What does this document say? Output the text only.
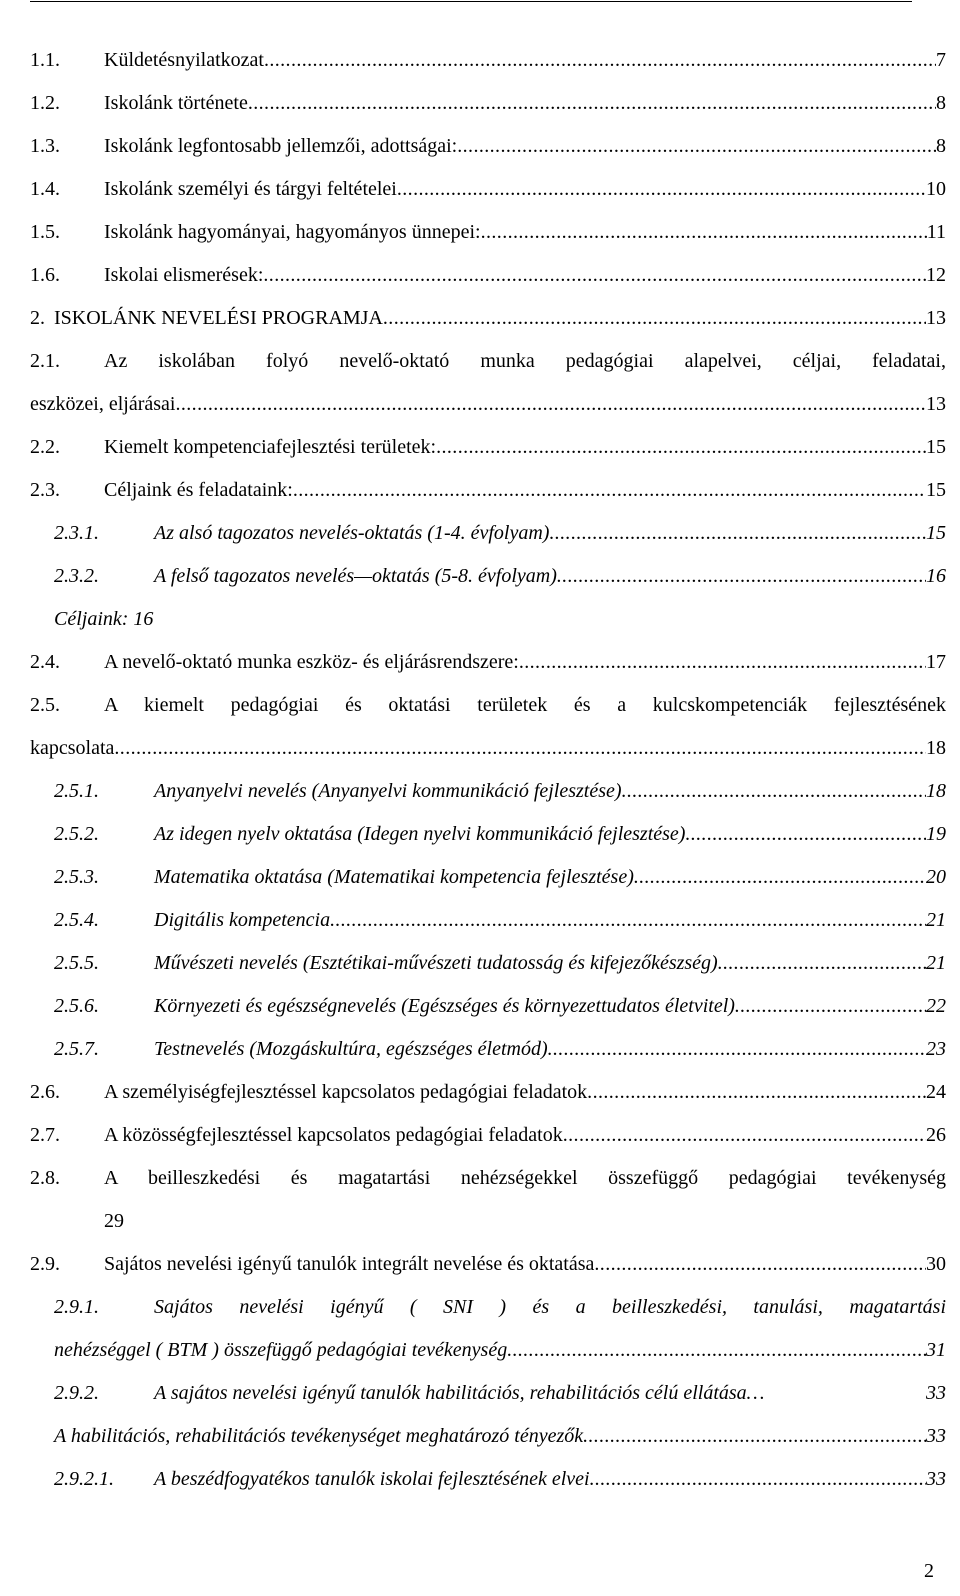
1.1. Küldetésnyilatkozat .....	7
1.2. Iskolánk története .....	8
1.3. Iskolánk legfontosabb jellemzői, adottságai: .....	8
1.4. Iskolánk személyi és tárgyi feltételei .....	10
1.5. Iskolánk hagyományai, hagyományos ünnepei: .....	11
1.6. Iskolai elismerések: .....	12
2. ISKOLÁNK NEVELÉSI PROGRAMJA .....	13
2.1. Az iskolában folyó nevelő-oktató munka pedagógiai alapelvei, céljai, feladatai,
eszközei, eljárásai .....	13
2.2. Kiemelt kompetenciafejlesztési területek: .....	15
2.3. Céljaink és feladataink: .....	15
2.3.1.	Az alsó tagozatos nevelés-oktatás (1-4. évfolyam) .....	15
2.3.2.	A felső tagozatos nevelés—oktatás (5-8. évfolyam) .....	16
Céljaink: 16
2.4. A nevelő-oktató munka eszköz- és eljárásrendszere: .....	17
2.5. A kiemelt pedagógiai és oktatási területek és a kulcskompetenciák fejlesztésének
kapcsolata .....	18
2.5.1.	Anyanyelvi nevelés (Anyanyelvi kommunikáció fejlesztése) .....	18
2.5.2.	Az idegen nyelv oktatása (Idegen nyelvi kommunikáció fejlesztése) .....	19
2.5.3.	Matematika oktatása (Matematikai kompetencia fejlesztése) .....	20
2.5.4.	Digitális kompetencia .....	21
2.5.5.	Művészeti nevelés (Esztétikai-művészeti tudatosság és kifejezőkészség) .....	21
2.5.6.	Környezeti és egészségnevelés (Egészséges és környezettudatos életvitel) .....	22
2.5.7.	Testnevelés (Mozgáskultúra, egészséges életmód) .....	23
2.6. A személyiségfejlesztéssel kapcsolatos pedagógiai feladatok .....	24
2.7. A közösségfejlesztéssel kapcsolatos pedagógiai feladatok .....	26
2.8. A beilleszkedési és magatartási nehézségekkel összefüggő pedagógiai tevékenység
29
2.9. Sajátos nevelési igényű tanulók integrált nevelése és oktatása .....	30
2.9.1.	Sajátos nevelési igényű ( SNI ) és a beilleszkedési, tanulási, magatartási
nehézséggel ( BTM ) összefüggő pedagógiai tevékenység .....	31
2.9.2.	A sajátos nevelési igényű tanulók habilitációs, rehabilitációs célú ellátása…	33
A habilitációs, rehabilitációs tevékenységet meghatározó tényezők .....	33
2.9.2.1. A beszédfogyatékos tanulók iskolai fejlesztésének elvei .....	33
2
